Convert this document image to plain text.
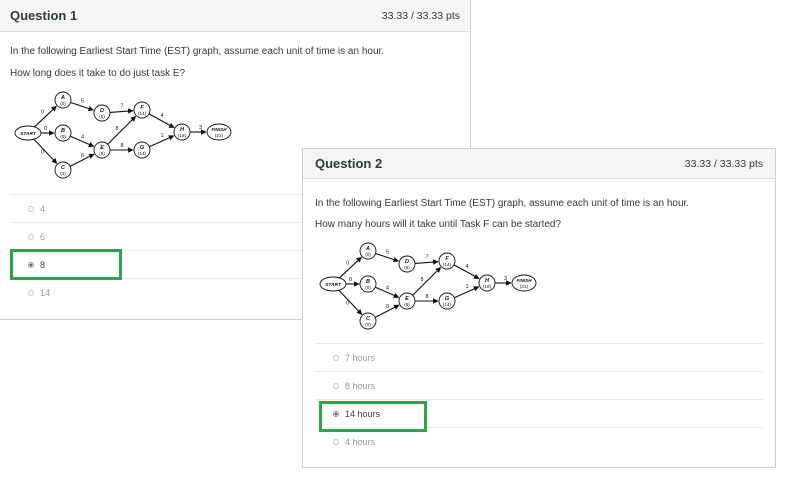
Question 1	33.33 / 33.33 pts
In the following Earliest Start Time (EST) graph, assume each unit of time is an hour.
How long does it take to do just task E?
0
0
0
5
4
6
7
8
8
4
1
3
START
A
(0)
B
(0)
C
(0)
D
(5)
E
(6)
F
(14)
G
(14)
H
(18)
FINISH
(21)
4
6
8
14
Question 2	33.33 / 33.33 pts
In the following Earliest Start Time (EST) graph, assume each unit of time is an hour.
How many hours will it take until Task F can be started?
0
0
0
5
4
6
7
8
8
4
1
3
START
A
(0)
B
(0)
C
(0)
D
(5)
E
(6)
F
(14)
G
(14)
H
(18)
FINISH
(21)
7 hours
8 hours
14 hours
4 hours
